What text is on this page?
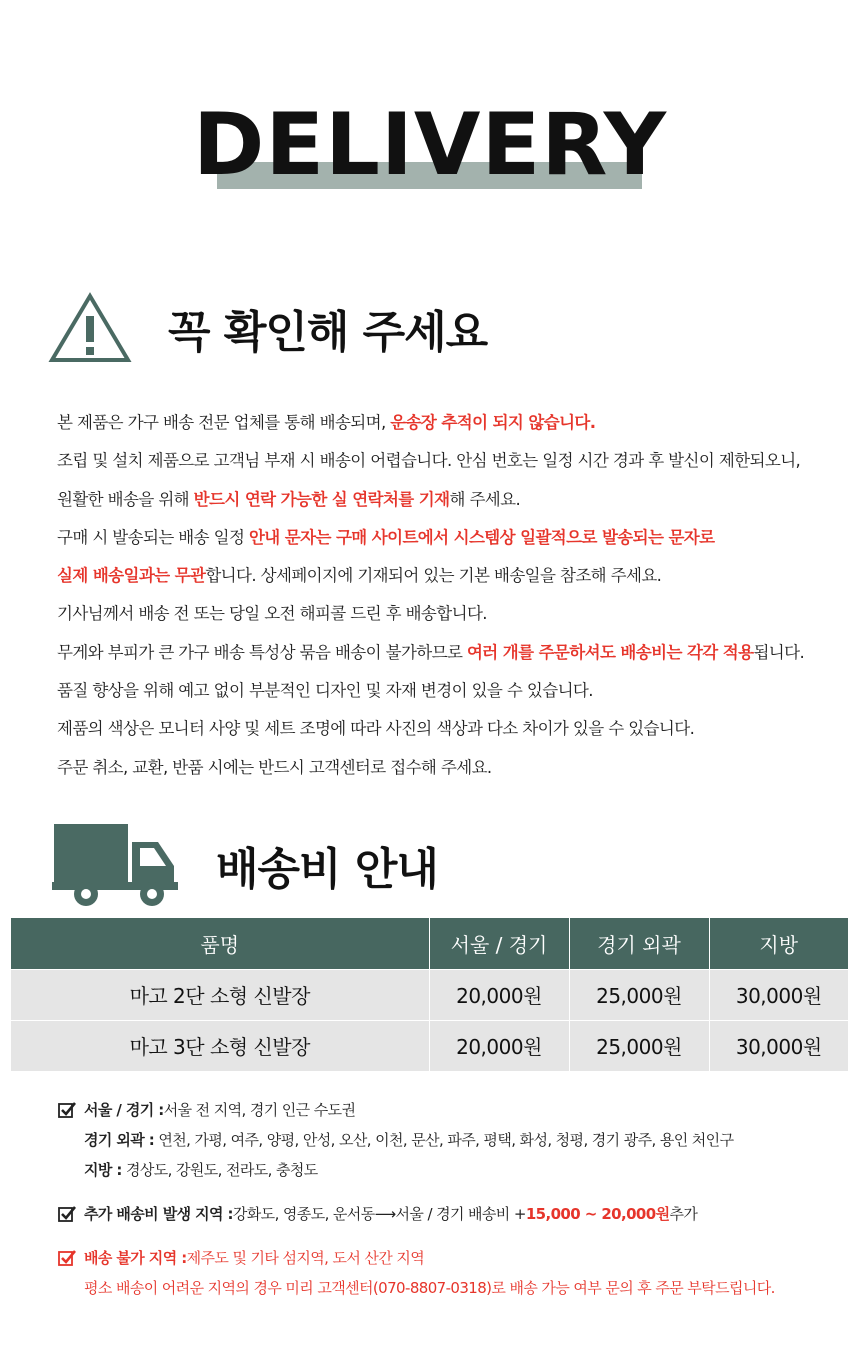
DELIVERY
꼭 확인해 주세요
본 제품은 가구 배송 전문 업체를 통해 배송되며, 운송장 추적이 되지 않습니다.
조립 및 설치 제품으로 고객님 부재 시 배송이 어렵습니다. 안심 번호는 일정 시간 경과 후 발신이 제한되오니,
원활한 배송을 위해 반드시 연락 가능한 실 연락처를 기재해 주세요.
구매 시 발송되는 배송 일정 안내 문자는 구매 사이트에서 시스템상 일괄적으로 발송되는 문자로
실제 배송일과는 무관합니다. 상세페이지에 기재되어 있는 기본 배송일을 참조해 주세요.
기사님께서 배송 전 또는 당일 오전 해피콜 드린 후 배송합니다.
무게와 부피가 큰 가구 배송 특성상 묶음 배송이 불가하므로 여러 개를 주문하셔도 배송비는 각각 적용됩니다.
품질 향상을 위해 예고 없이 부분적인 디자인 및 자재 변경이 있을 수 있습니다.
제품의 색상은 모니터 사양 및 세트 조명에 따라 사진의 색상과 다소 차이가 있을 수 있습니다.
주문 취소, 교환, 반품 시에는 반드시 고객센터로 접수해 주세요.
배송비 안내
품명	서울 / 경기	경기 외곽	지방
마고 2단 소형 신발장	20,000원	25,000원	30,000원
마고 3단 소형 신발장	20,000원	25,000원	30,000원
서울 / 경기 : 서울 전 지역, 경기 인근 수도권
경기 외곽 : 연천, 가평, 여주, 양평, 안성, 오산, 이천, 문산, 파주, 평택, 화성, 청평, 경기 광주, 용인 처인구
지방 : 경상도, 강원도, 전라도, 충청도
추가 배송비 발생 지역 : 강화도, 영종도, 운서동 ⟶ 서울 / 경기 배송비 + 15,000 ~ 20,000원 추가
배송 불가 지역 : 제주도 및 기타 섬지역, 도서 산간 지역
평소 배송이 어려운 지역의 경우 미리 고객센터(070-8807-0318)로 배송 가능 여부 문의 후 주문 부탁드립니다.
